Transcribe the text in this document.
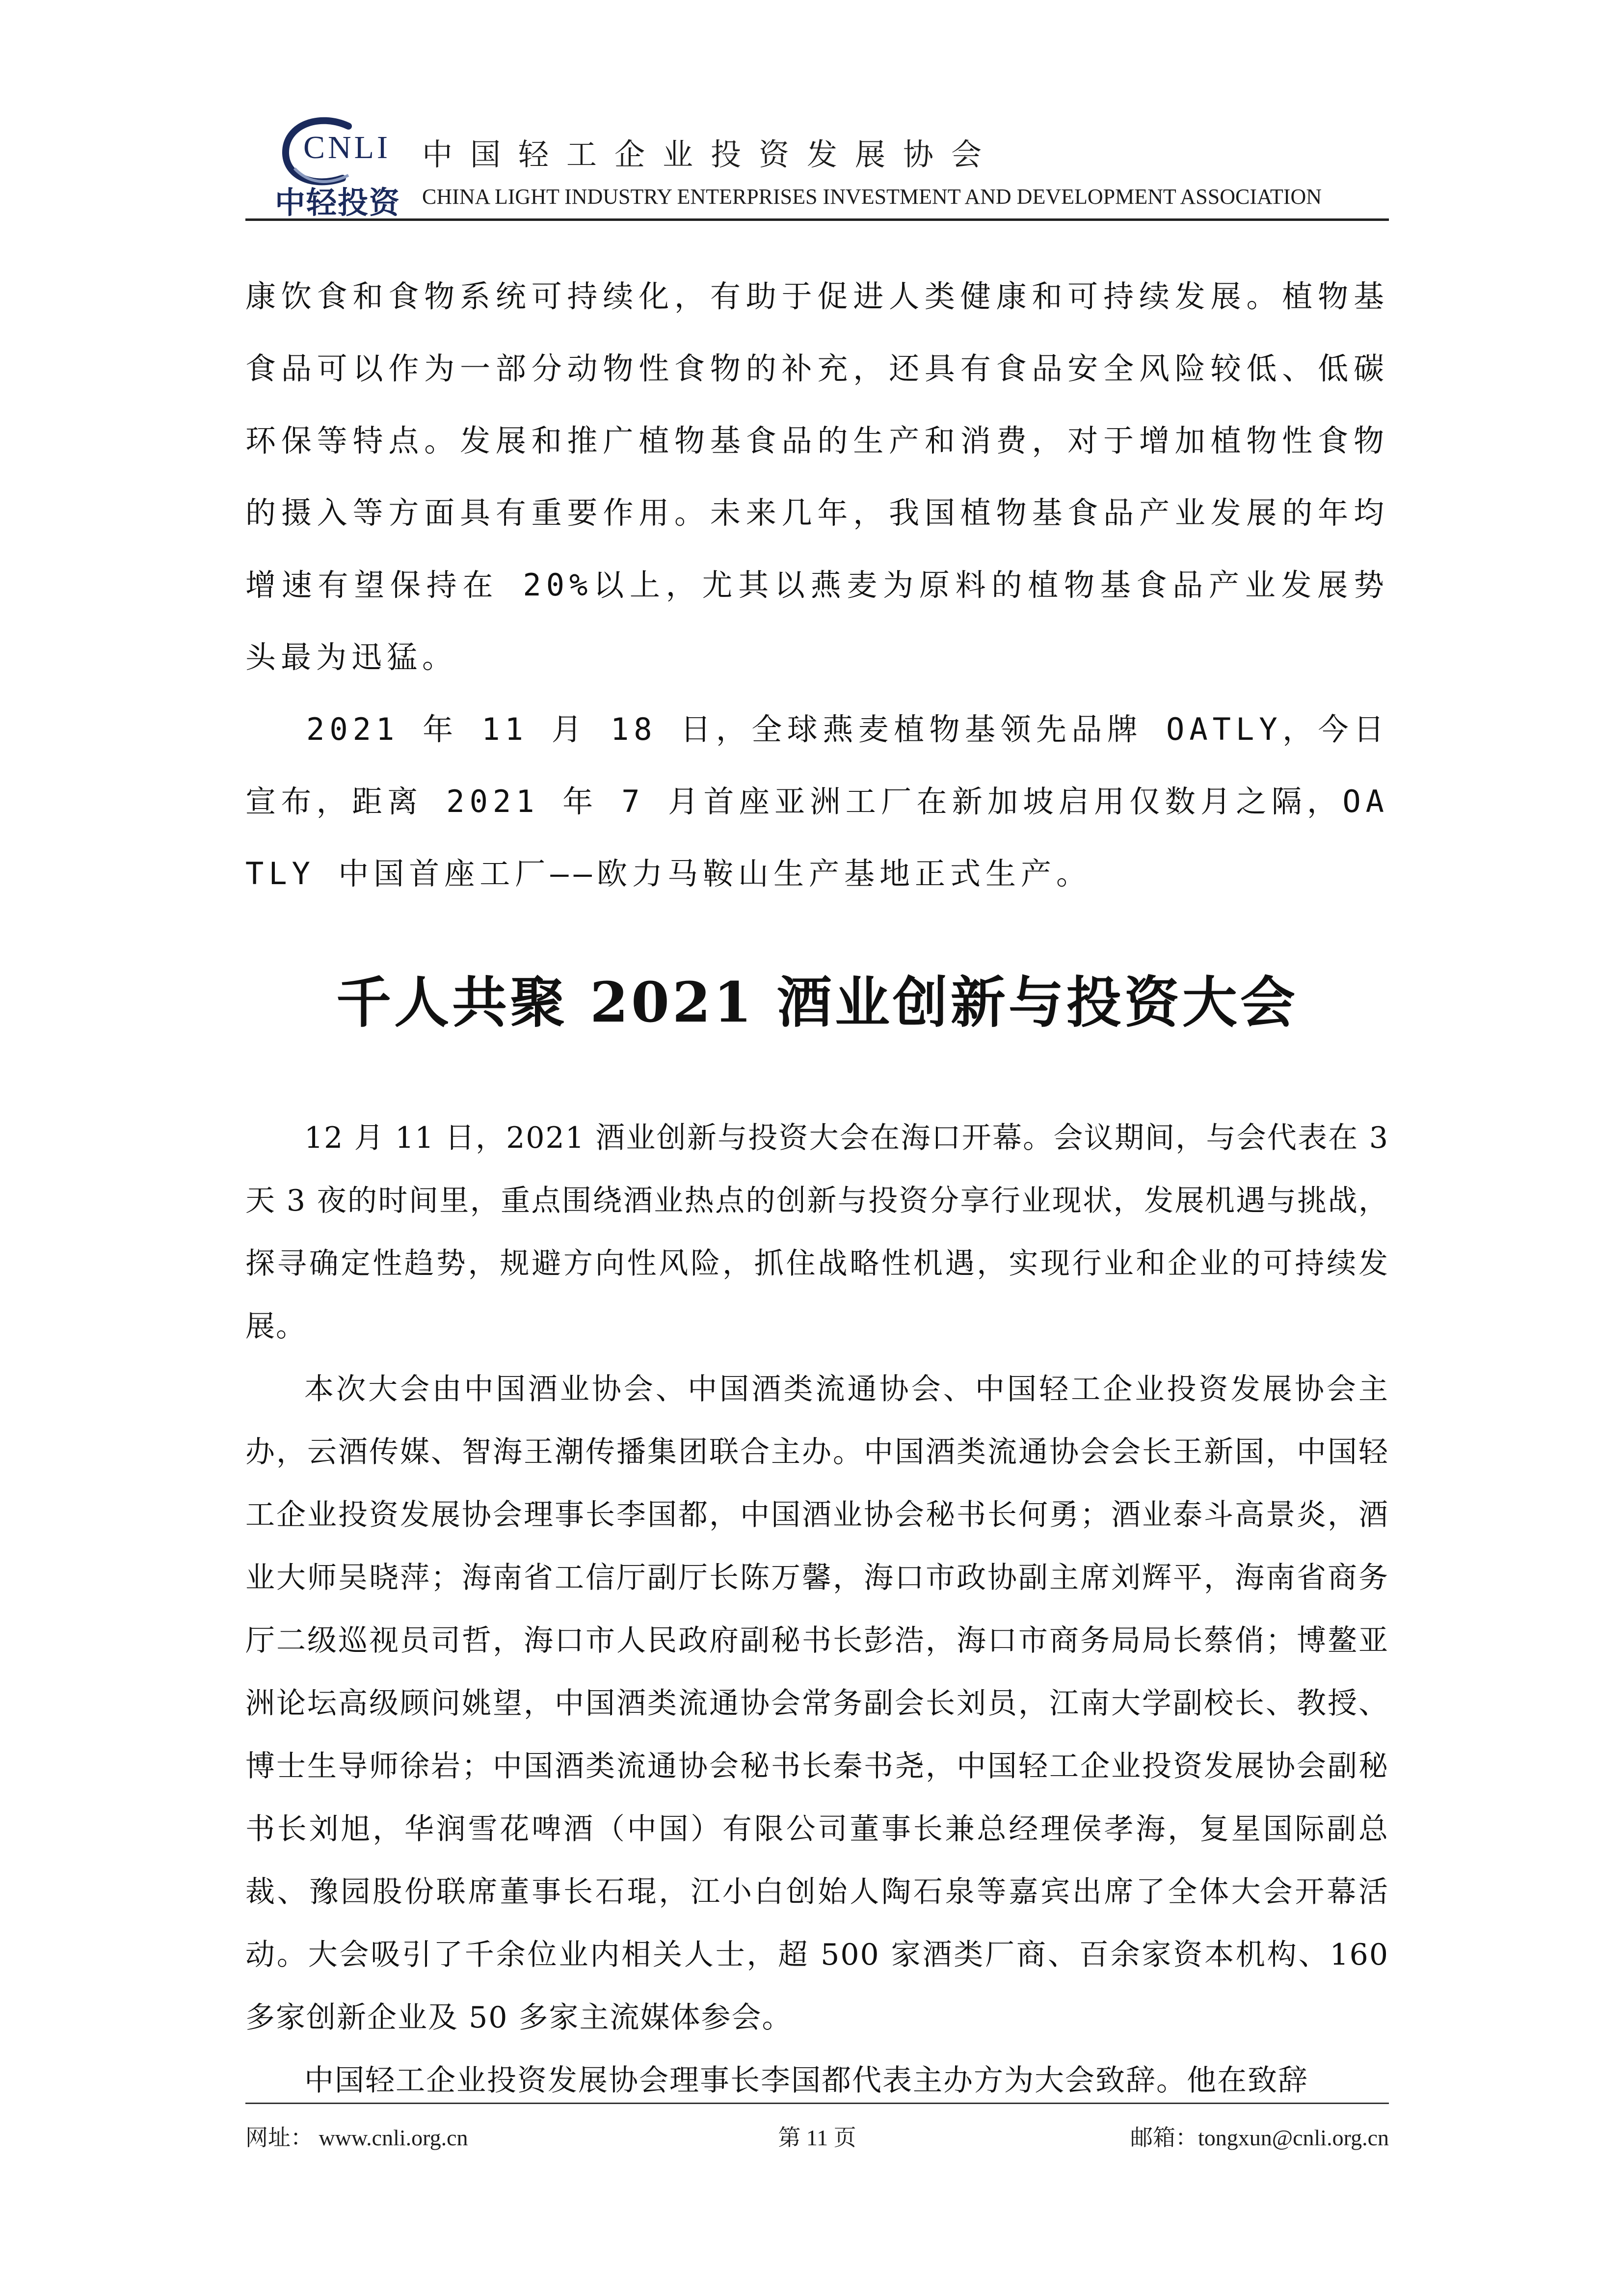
CNLI
中轻投资
中国轻工企业投资发展协会
CHINA LIGHT INDUSTRY ENTERPRISES INVESTMENT AND DEVELOPMENT ASSOCIATION

康饮食和食物系统可持续化，有助于促进人类健康和可持续发展。植物基食品可以作为一部分动物性食物的补充，还具有食品安全风险较低、低碳环保等特点。发展和推广植物基食品的生产和消费，对于增加植物性食物的摄入等方面具有重要作用。未来几年，我国植物基食品产业发展的年均增速有望保持在 20%以上，尤其以燕麦为原料的植物基食品产业发展势头最为迅猛。

2021 年 11 月 18 日，全球燕麦植物基领先品牌 OATLY，今日宣布，距离 2021 年 7 月首座亚洲工厂在新加坡启用仅数月之隔，OATLY 中国首座工厂——欧力马鞍山生产基地正式生产。

千人共聚 2021 酒业创新与投资大会

12 月 11 日，2021 酒业创新与投资大会在海口开幕。会议期间，与会代表在 3 天 3 夜的时间里，重点围绕酒业热点的创新与投资分享行业现状，发展机遇与挑战，探寻确定性趋势，规避方向性风险，抓住战略性机遇，实现行业和企业的可持续发展。

本次大会由中国酒业协会、中国酒类流通协会、中国轻工企业投资发展协会主办，云酒传媒、智海王潮传播集团联合主办。中国酒类流通协会会长王新国，中国轻工企业投资发展协会理事长李国都，中国酒业协会秘书长何勇；酒业泰斗高景炎，酒业大师吴晓萍；海南省工信厅副厅长陈万馨，海口市政协副主席刘辉平，海南省商务厅二级巡视员司哲，海口市人民政府副秘书长彭浩，海口市商务局局长蔡俏；博鳌亚洲论坛高级顾问姚望，中国酒类流通协会常务副会长刘员，江南大学副校长、教授、博士生导师徐岩；中国酒类流通协会秘书长秦书尧，中国轻工企业投资发展协会副秘书长刘旭，华润雪花啤酒（中国）有限公司董事长兼总经理侯孝海，复星国际副总裁、豫园股份联席董事长石琨，江小白创始人陶石泉等嘉宾出席了全体大会开幕活动。大会吸引了千余位业内相关人士，超 500 家酒类厂商、百余家资本机构、160 多家创新企业及 50 多家主流媒体参会。

中国轻工企业投资发展协会理事长李国都代表主办方为大会致辞。他在致辞

网址： www.cnli.org.cn	第 11 页	邮箱：tongxun@cnli.org.cn
